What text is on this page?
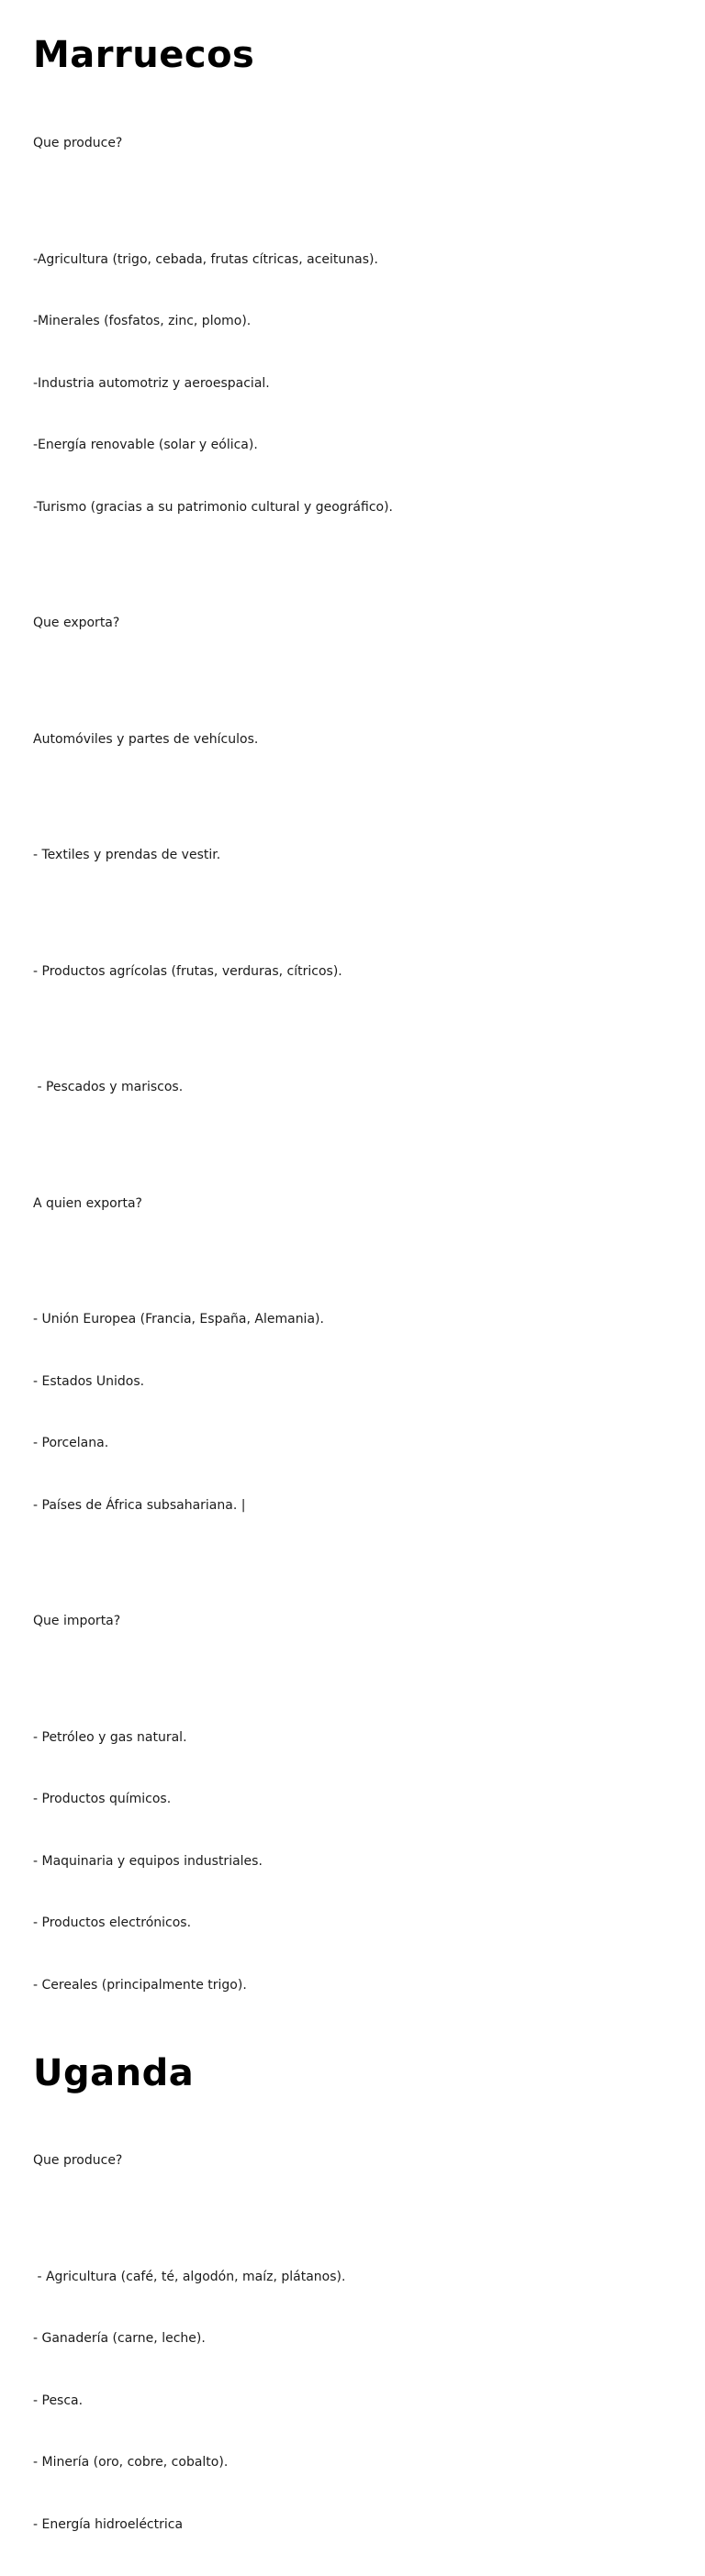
Marruecos

Que produce?

-Agricultura (trigo, cebada, frutas cítricas, aceitunas).

-Minerales (fosfatos, zinc, plomo).

-Industria automotriz y aeroespacial.

-Energía renovable (solar y eólica).

-Turismo (gracias a su patrimonio cultural y geográfico).

Que exporta?

Automóviles y partes de vehículos.

- Textiles y prendas de vestir.

- Productos agrícolas (frutas, verduras, cítricos).

- Pescados y mariscos.

A quien exporta?

- Unión Europea (Francia, España, Alemania).

- Estados Unidos.

- Porcelana.

- Países de África subsahariana. |

Que importa?

- Petróleo y gas natural.

- Productos químicos.

- Maquinaria y equipos industriales.

- Productos electrónicos.

- Cereales (principalmente trigo).

Uganda

Que produce?

- Agricultura (café, té, algodón, maíz, plátanos).

- Ganadería (carne, leche).

- Pesca.

- Minería (oro, cobre, cobalto).

- Energía hidroeléctrica
